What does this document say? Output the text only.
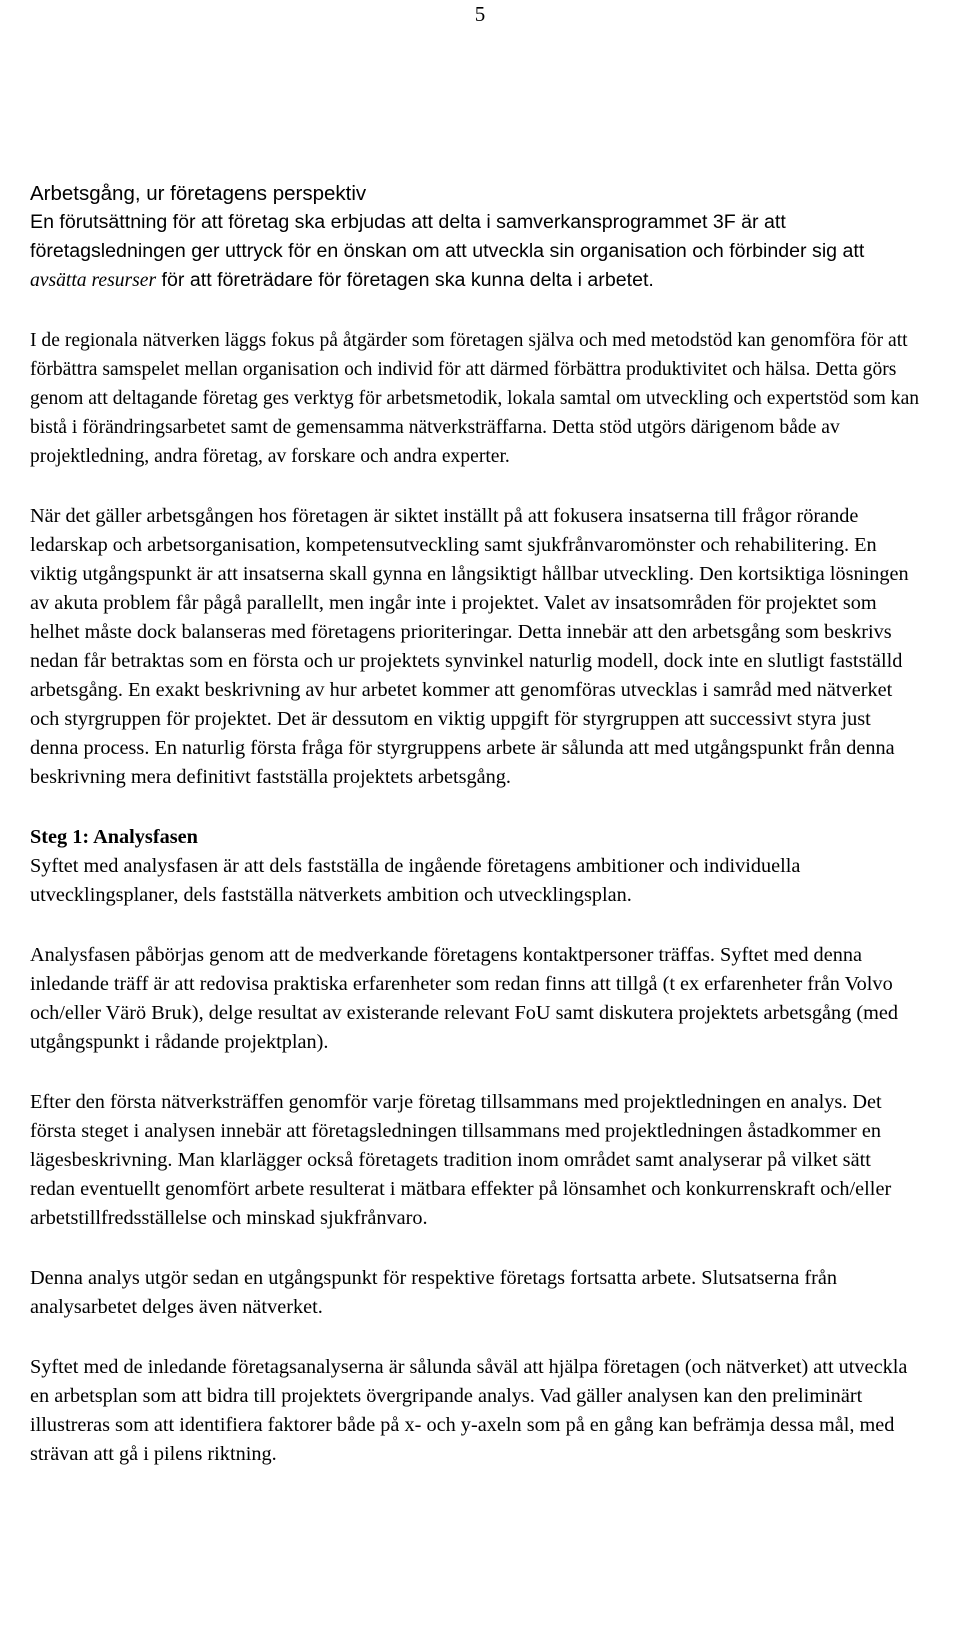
5
Arbetsgång, ur företagens perspektiv

En förutsättning för att företag ska erbjudas att delta i samverkansprogrammet 3F är att företagsledningen ger uttryck för en önskan om att utveckla sin organisation och förbinder sig att avsätta resurser för att företrädare för företagen ska kunna delta i arbetet.

I de regionala nätverken läggs fokus på åtgärder som företagen själva och med metodstöd kan genomföra för att förbättra samspelet mellan organisation och individ för att därmed förbättra produktivitet och hälsa. Detta görs genom att deltagande företag ges verktyg för arbetsmetodik, lokala samtal om utveckling och expertstöd som kan bistå i förändringsarbetet samt de gemensamma nätverksträffarna. Detta stöd utgörs därigenom både av projektledning, andra företag, av forskare och andra experter.

När det gäller arbetsgången hos företagen är siktet inställt på att fokusera insatserna till frågor rörande ledarskap och arbetsorganisation, kompetensutveckling samt sjukfrånvaromönster och rehabilitering. En viktig utgångspunkt är att insatserna skall gynna en långsiktigt hållbar utveckling. Den kortsiktiga lösningen av akuta problem får pågå parallellt, men ingår inte i projektet. Valet av insatsområden för projektet som helhet måste dock balanseras med företagens prioriteringar. Detta innebär att den arbetsgång som beskrivs nedan får betraktas som en första och ur projektets synvinkel naturlig modell, dock inte en slutligt fastställd arbetsgång. En exakt beskrivning av hur arbetet kommer att genomföras utvecklas i samråd med nätverket och styrgruppen för projektet. Det är dessutom en viktig uppgift för styrgruppen att successivt styra just denna process. En naturlig första fråga för styrgruppens arbete är sålunda att med utgångspunkt från denna beskrivning mera definitivt fastställa projektets arbetsgång.

Steg 1: Analysfasen

Syftet med analysfasen är att dels fastställa de ingående företagens ambitioner och individuella utvecklingsplaner, dels fastställa nätverkets ambition och utvecklingsplan.

Analysfasen påbörjas genom att de medverkande företagens kontaktpersoner träffas. Syftet med denna inledande träff är att redovisa praktiska erfarenheter som redan finns att tillgå (t ex erfarenheter från Volvo och/eller Värö Bruk), delge resultat av existerande relevant FoU samt diskutera projektets arbetsgång (med utgångspunkt i rådande projektplan).

Efter den första nätverksträffen genomför varje företag tillsammans med projektledningen en analys. Det första steget i analysen innebär att företagsledningen tillsammans med projektledningen åstadkommer en lägesbeskrivning. Man klarlägger också företagets tradition inom området samt analyserar på vilket sätt redan eventuellt genomfört arbete resulterat i mätbara effekter på lönsamhet och konkurrenskraft och/eller arbetstillfredsställelse och minskad sjukfrånvaro.

Denna analys utgör sedan en utgångspunkt för respektive företags fortsatta arbete. Slutsatserna från analysarbetet delges även nätverket.

Syftet med de inledande företagsanalyserna är sålunda såväl att hjälpa företagen (och nätverket) att utveckla en arbetsplan som att bidra till projektets övergripande analys. Vad gäller analysen kan den preliminärt illustreras som att identifiera faktorer både på x- och y-axeln som på en gång kan befrämja dessa mål, med strävan att gå i pilens riktning.
